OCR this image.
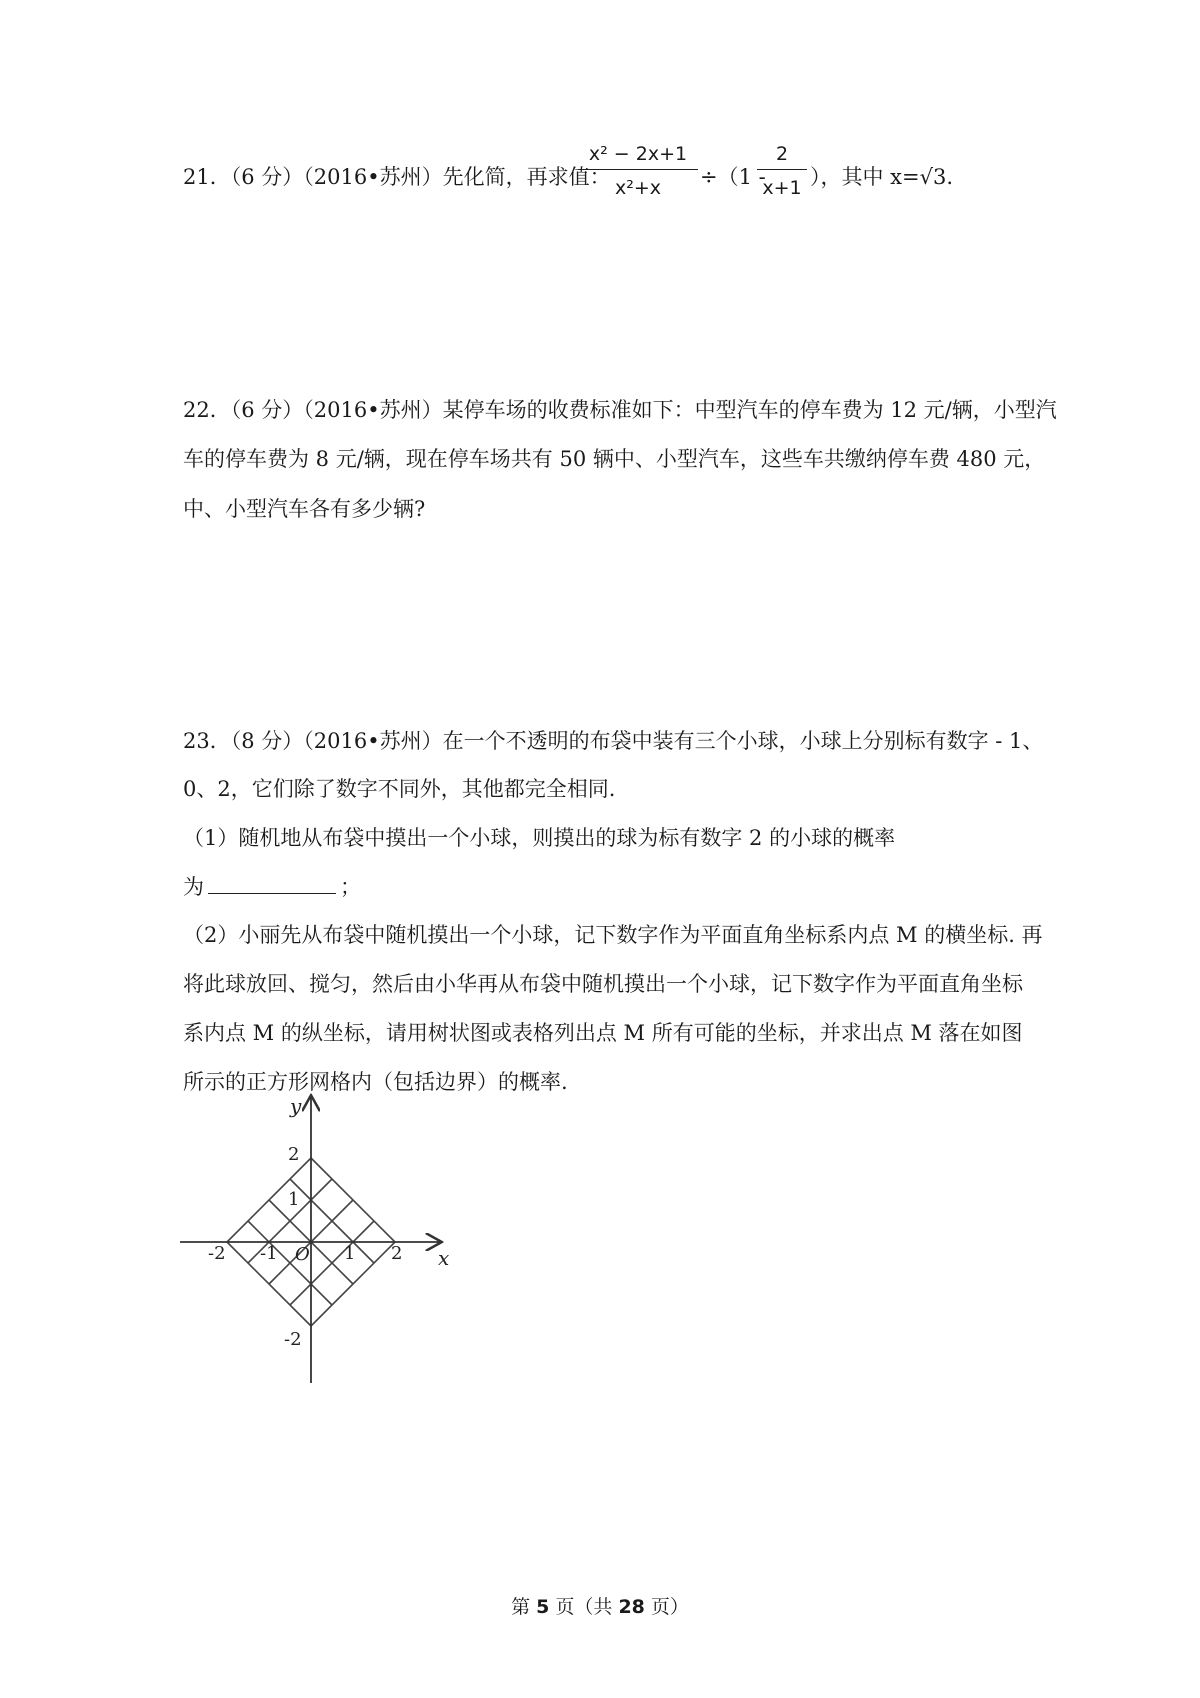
21．（6 分）（2016•苏州）先化简，再求值：
x² − 2x+1
x²+x	÷（1 -
2
x+1 ），其中 x=√3.
22．（6 分）（2016•苏州）某停车场的收费标准如下：中型汽车的停车费为 12 元/辆，小型汽
车的停车费为 8 元/辆，现在停车场共有 50 辆中、小型汽车，这些车共缴纳停车费 480 元，
中、小型汽车各有多少辆?
23．（8 分）（2016•苏州）在一个不透明的布袋中装有三个小球，小球上分别标有数字 ‑ 1、
0、2，它们除了数字不同外，其他都完全相同.
（1）随机地从布袋中摸出一个小球，则摸出的球为标有数字 2 的小球的概率
为	；
（2）小丽先从布袋中随机摸出一个小球，记下数字作为平面直角坐标系内点 M 的横坐标. 再
将此球放回、搅匀，然后由小华再从布袋中随机摸出一个小球，记下数字作为平面直角坐标
系内点 M 的纵坐标，请用树状图或表格列出点 M 所有可能的坐标，并求出点 M 落在如图
所示的正方形网格内（包括边界）的概率.
x
y
O
-2 -1	1 2
2
1
-2
第 5 页（共 28 页）
